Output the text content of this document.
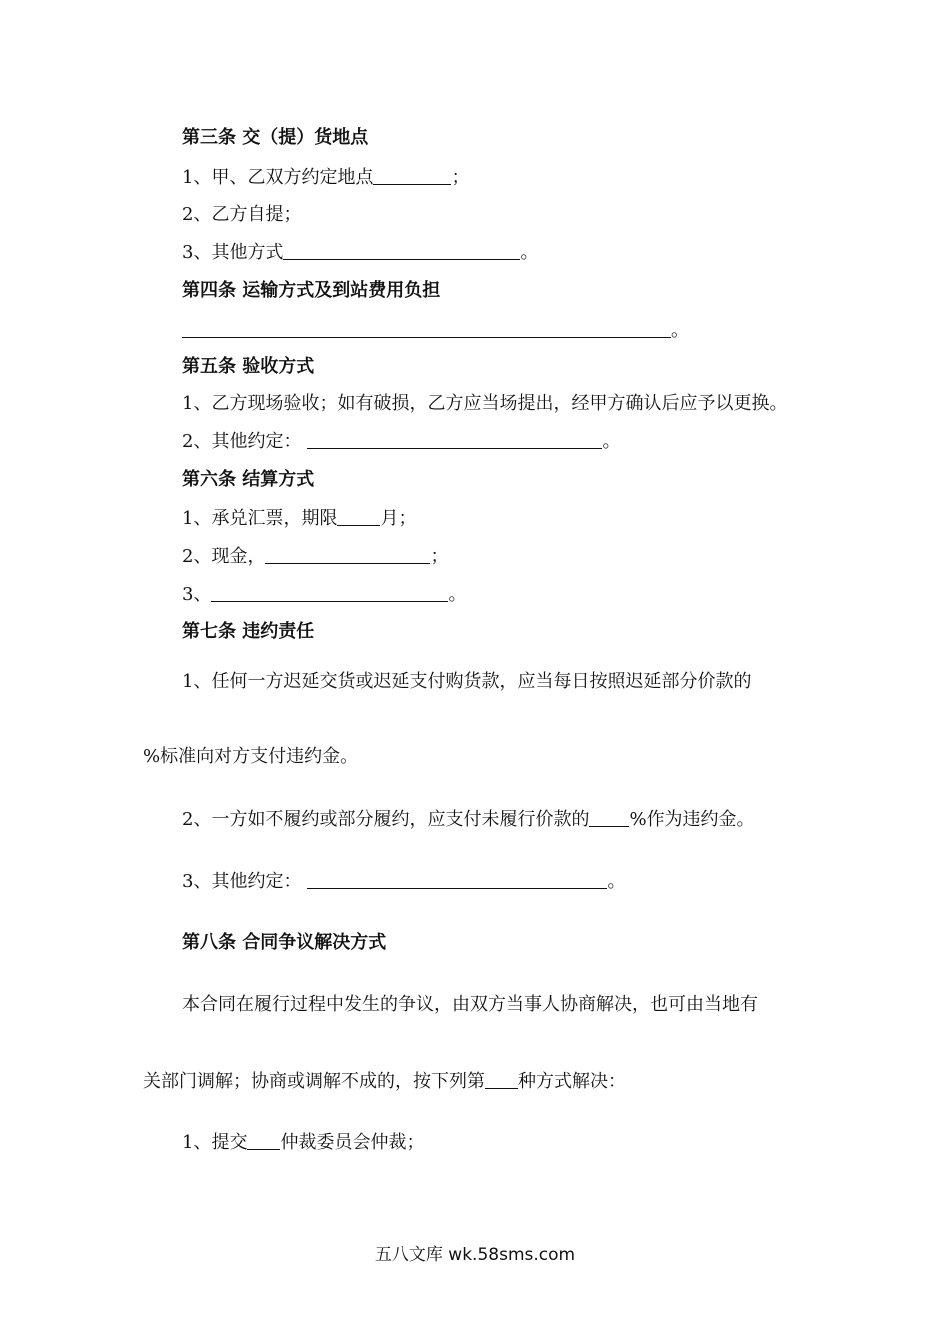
第三条 交（提）货地点
1、甲、乙双方约定地点	；
2、乙方自提；
3、其他方式	。
第四条 运输方式及到站费用负担
。
第五条 验收方式
1、乙方现场验收；如有破损，乙方应当场提出，经甲方确认后应予以更换。
2、其他约定：	。
第六条 结算方式
1、承兑汇票，期限 月；
2、现金，	；
3、	。
第七条 违约责任
1、任何一方迟延交货或迟延支付购货款，应当每日按照迟延部分价款的
%标准向对方支付违约金。
2、一方如不履约或部分履约，应支付未履行价款的 %作为违约金。
3、其他约定：	。
第八条 合同争议解决方式
本合同在履行过程中发生的争议，由双方当事人协商解决，也可由当地有
关部门调解；协商或调解不成的，按下列第 种方式解决：
1、提交 仲裁委员会仲裁；
五八文库 wk.58sms.com
